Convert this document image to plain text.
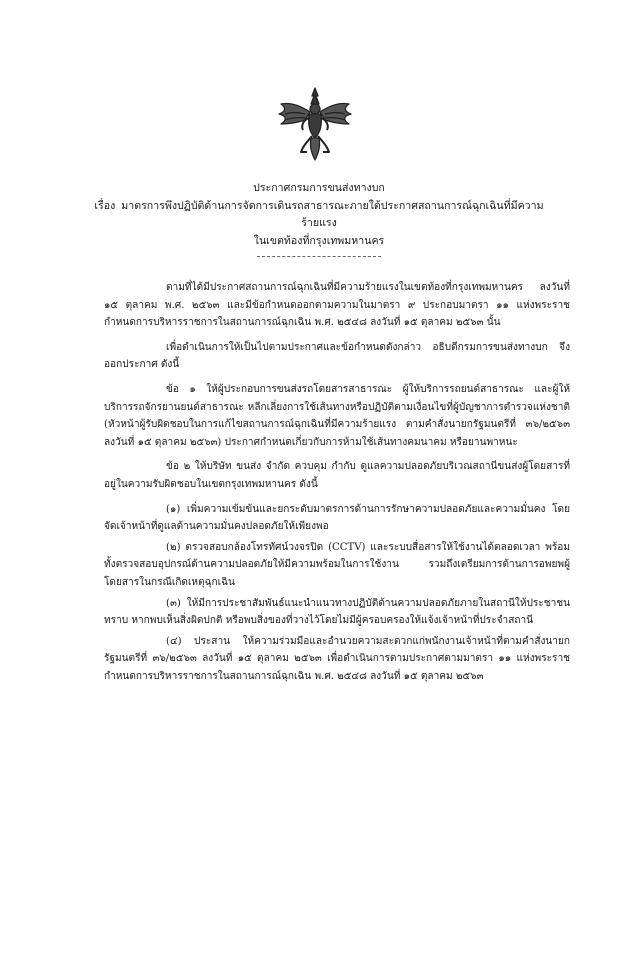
ประกาศกรมการขนส่งทางบก
เรื่อง มาตรการพึงปฏิบัติด้านการจัดการเดินรถสาธารณะภายใต้ประกาศสถานการณ์ฉุกเฉินที่มีความร้ายแรง
ในเขตท้องที่กรุงเทพมหานคร

ตามที่ได้มีประกาศสถานการณ์ฉุกเฉินที่มีความร้ายแรงในเขตท้องที่กรุงเทพมหานคร ลงวันที่ ๑๕ ตุลาคม พ.ศ. ๒๕๖๓ และมีข้อกำหนดออกตามความในมาตรา ๙ ประกอบมาตรา ๑๑ แห่งพระราชกำหนดการบริหารราชการในสถานการณ์ฉุกเฉิน พ.ศ. ๒๕๔๘ ลงวันที่ ๑๕ ตุลาคม ๒๕๖๓ นั้น

เพื่อดำเนินการให้เป็นไปตามประกาศและข้อกำหนดดังกล่าว อธิบดีกรมการขนส่งทางบก จึงออกประกาศ ดังนี้

ข้อ ๑ ให้ผู้ประกอบการขนส่งรถโดยสารสาธารณะ ผู้ให้บริการรถยนต์สาธารณะ และผู้ให้บริการรถจักรยานยนต์สาธารณะ หลีกเลี่ยงการใช้เส้นทางหรือปฏิบัติตามเงื่อนไขที่ผู้บัญชาการตำรวจแห่งชาติ (หัวหน้าผู้รับผิดชอบในการแก้ไขสถานการณ์ฉุกเฉินที่มีความร้ายแรง ตามคำสั่งนายกรัฐมนตรีที่ ๓๖/๒๕๖๓ ลงวันที่ ๑๕ ตุลาคม ๒๕๖๓) ประกาศกำหนดเกี่ยวกับการห้ามใช้เส้นทางคมนาคม หรือยานพาหนะ

ข้อ ๒ ให้บริษัท ขนส่ง จำกัด ควบคุม กำกับ ดูแลความปลอดภัยบริเวณสถานีขนส่งผู้โดยสารที่อยู่ในความรับผิดชอบในเขตกรุงเทพมหานคร ดังนี้

(๑) เพิ่มความเข้มข้นและยกระดับมาตรการด้านการรักษาความปลอดภัยและความมั่นคง โดยจัดเจ้าหน้าที่ดูแลด้านความมั่นคงปลอดภัยให้เพียงพอ

(๒) ตรวจสอบกล้องโทรทัศน์วงจรปิด (CCTV) และระบบสื่อสารให้ใช้งานได้ตลอดเวลา พร้อมทั้งตรวจสอบอุปกรณ์ด้านความปลอดภัยให้มีความพร้อมในการใช้งาน รวมถึงเตรียมการด้านการอพยพผู้โดยสารในกรณีเกิดเหตุฉุกเฉิน

(๓) ให้มีการประชาสัมพันธ์แนะนำแนวทางปฏิบัติด้านความปลอดภัยภายในสถานีให้ประชาชนทราบ หากพบเห็นสิ่งผิดปกติ หรือพบสิ่งของที่วางไว้โดยไม่มีผู้ครอบครองให้แจ้งเจ้าหน้าที่ประจำสถานี

(๔) ประสาน ให้ความร่วมมือและอำนวยความสะดวกแก่พนักงานเจ้าหน้าที่ตามคำสั่งนายกรัฐมนตรีที่ ๓๖/๒๕๖๓ ลงวันที่ ๑๕ ตุลาคม ๒๕๖๓ เพื่อดำเนินการตามประกาศตามมาตรา ๑๑ แห่งพระราชกำหนดการบริหารราชการในสถานการณ์ฉุกเฉิน พ.ศ. ๒๕๔๘ ลงวันที่ ๑๕ ตุลาคม ๒๕๖๓
